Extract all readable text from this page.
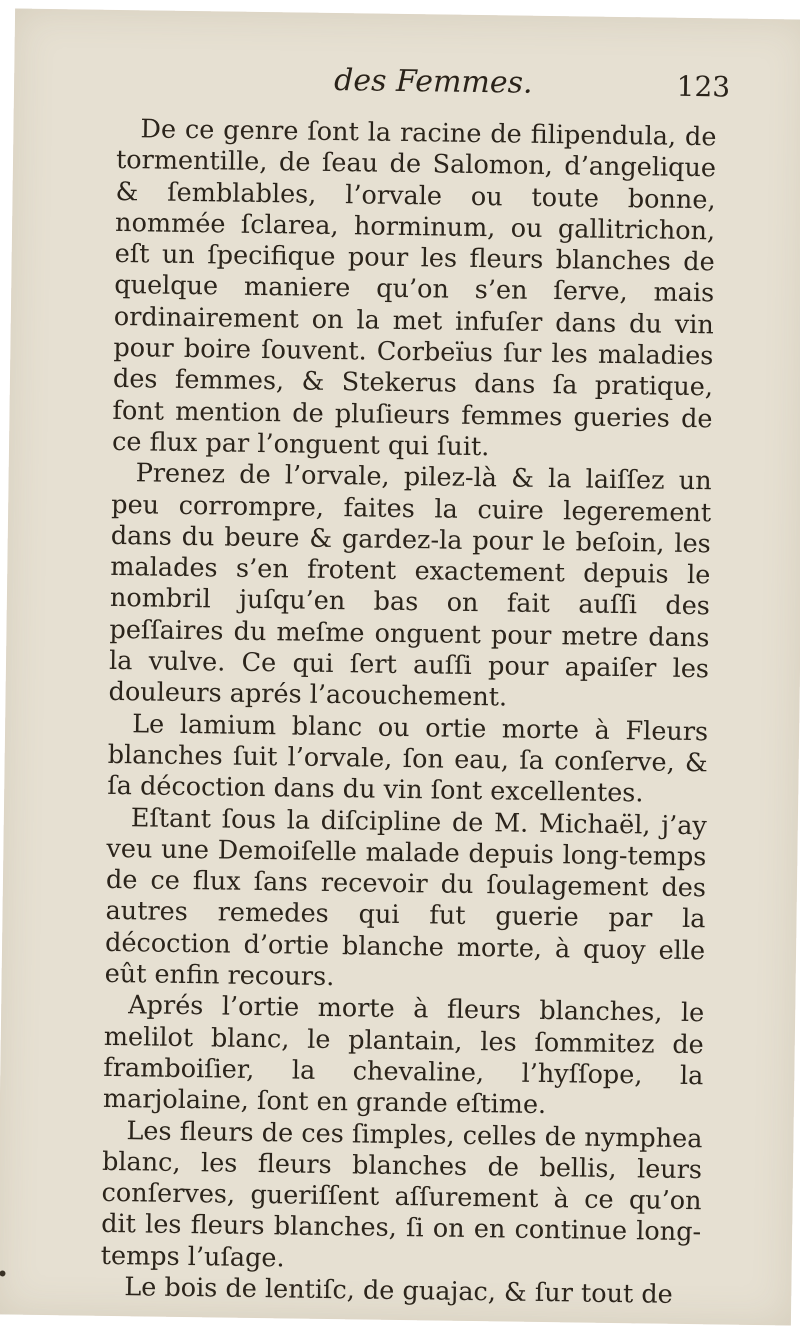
des Femmes.	123

De ce genre ſont la racine de filipendula, de tormentille, de ſeau de Salomon, d’angelique & ſemblables, l’orvale ou toute bonne, nommée ſclarea, horminum, ou gallitrichon, eſt un ſpecifique pour les fleurs blanches de quelque maniere qu’on s’en ſerve, mais ordinairement on la met infuſer dans du vin pour boire ſouvent. Corbeïus ſur les maladies des femmes, & Stekerus dans ſa pratique, font mention de pluſieurs femmes gueries de ce flux par l’onguent qui ſuit.

Prenez de l’orvale, pilez-là & la laiſſez un peu corrompre, faites la cuire legerement dans du beure & gardez-la pour le beſoin, les malades s’en frotent exactement depuis le nombril juſqu’en bas on fait auſſi des peſſaires du meſme onguent pour metre dans la vulve. Ce qui ſert auſſi pour apaiſer les douleurs aprés l’acouchement.

Le lamium blanc ou ortie morte à Fleurs blanches ſuit l’orvale, ſon eau, ſa conſerve, & ſa décoction dans du vin ſont excellentes.

Eſtant ſous la diſcipline de M. Michaël, j’ay veu une Demoiſelle malade depuis long-temps de ce flux ſans recevoir du ſoulagement des autres remedes qui fut guerie par la décoction d’ortie blanche morte, à quoy elle eût enfin recours.

Aprés l’ortie morte à fleurs blanches, le melilot blanc, le plantain, les ſommitez de framboiſier, la chevaline, l’hyſſope, la marjolaine, ſont en grande eſtime.

Les fleurs de ces ſimples, celles de nymphea blanc, les fleurs blanches de bellis, leurs conſerves, gueriſſent aſſurement à ce qu’on dit les fleurs blanches, ſi on en continue long-temps l’uſage.

Le bois de lentiſc, de guajac, & ſur tout de
